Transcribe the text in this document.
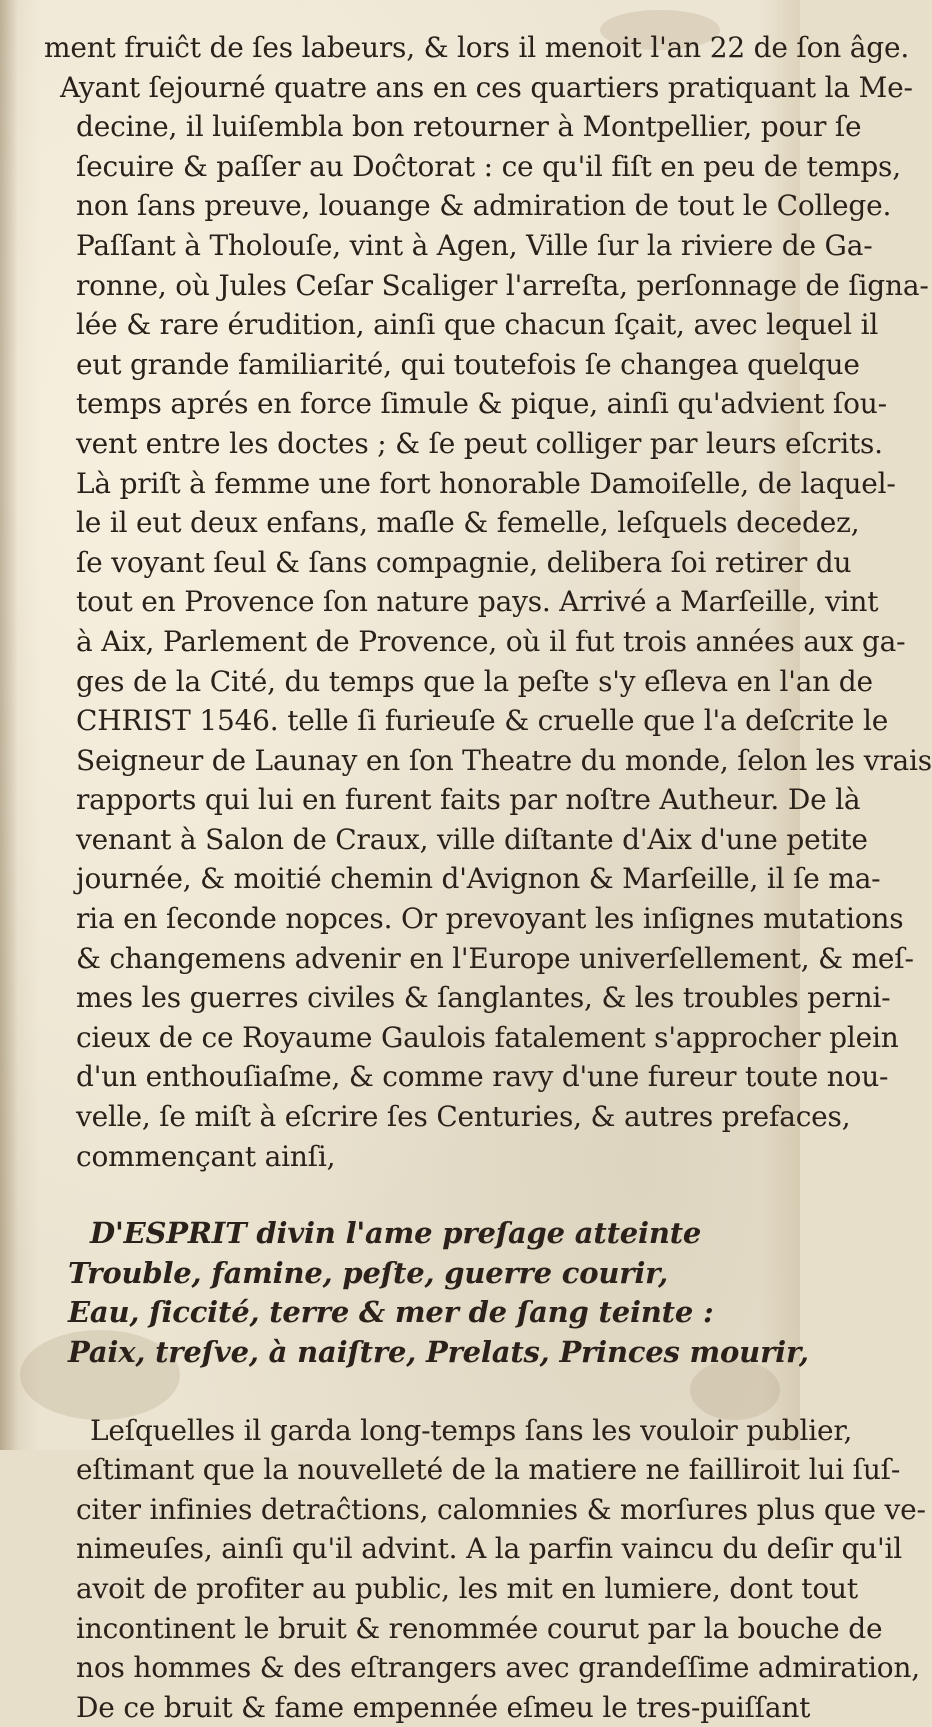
ment fruiĉt de ſes labeurs, & lors il menoit l'an 22 de ſon âge.
Ayant ſejourné quatre ans en ces quartiers pratiquant la Me-
decine, il luiſembla bon retourner à Montpellier, pour ſe
ſecuire & paſſer au Doĉtorat : ce qu'il fiſt en peu de temps,
non ſans preuve, louange & admiration de tout le College.
Paſſant à Tholouſe, vint à Agen, Ville ſur la riviere de Ga-
ronne, où Jules Ceſar Scaliger l'arreſta, perſonnage de ſigna-
lée & rare érudition, ainſi que chacun ſçait, avec lequel il
eut grande familiarité, qui toutefois ſe changea quelque
temps aprés en force ſimule & pique, ainſi qu'advient ſou-
vent entre les doctes ; & ſe peut colliger par leurs eſcrits.
Là priſt à femme une fort honorable Damoiſelle, de laquel-
le il eut deux enfans, maſle & femelle, leſquels decedez,
ſe voyant ſeul & ſans compagnie, delibera ſoi retirer du
tout en Provence ſon nature pays. Arrivé a Marſeille, vint
à Aix, Parlement de Provence, où il fut trois années aux ga-
ges de la Cité, du temps que la peſte s'y eſleva en l'an de
CHRIST 1546. telle ſi furieuſe & cruelle que l'a deſcrite le
Seigneur de Launay en ſon Theatre du monde, ſelon les vrais
rapports qui lui en furent faits par noſtre Autheur. De là
venant à Salon de Craux, ville diſtante d'Aix d'une petite
journée, & moitié chemin d'Avignon & Marſeille, il ſe ma-
ria en ſeconde nopces. Or prevoyant les inſignes mutations
& changemens advenir en l'Europe univerſellement, & meſ-
mes les guerres civiles & ſanglantes, & les troubles perni-
cieux de ce Royaume Gaulois fatalement s'approcher plein
d'un enthouſiaſme, & comme ravy d'une fureur toute nou-
velle, ſe miſt à eſcrire ſes Centuries, & autres prefaces,
commençant ainſi,
D'ESPRIT divin l'ame preſage atteinte
Trouble, famine, peſte, guerre courir,
Eau, ſiccité, terre & mer de ſang teinte :
Paix, treſve, à naiſtre, Prelats, Princes mourir,
Leſquelles il garda long-temps ſans les vouloir publier,
eſtimant que la nouvelleté de la matiere ne failliroit lui ſuſ-
citer infinies detraĉtions, calomnies & morſures plus que ve-
nimeuſes, ainſi qu'il advint. A la parfin vaincu du deſir qu'il
avoit de profiter au public, les mit en lumiere, dont tout
incontinent le bruit & renommée courut par la bouche de
nos hommes & des eſtrangers avec grandeſſime admiration,
De ce bruit & fame empennée eſmeu le tres-puiſſant
